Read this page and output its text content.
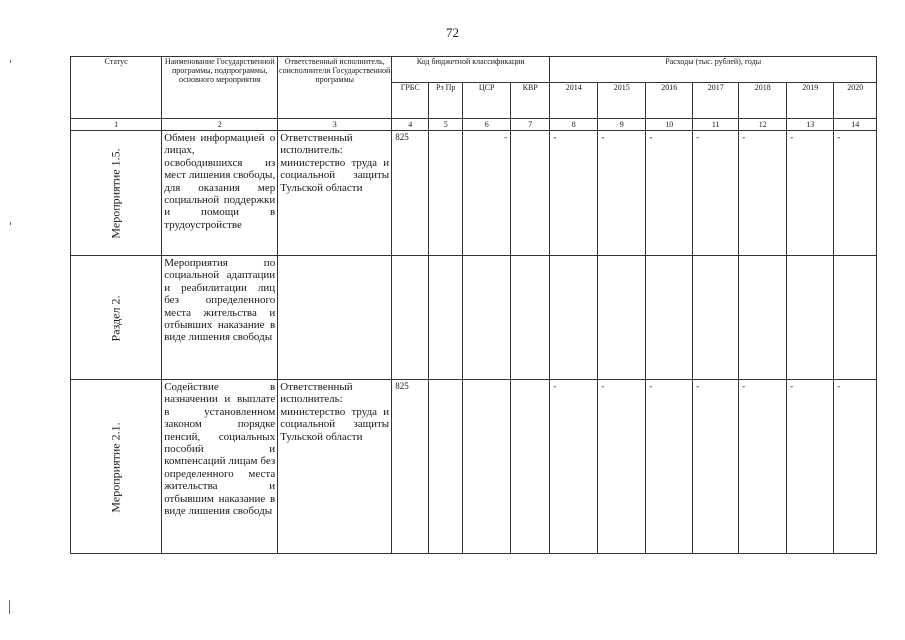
72
Статус	Наименование Государственной программы, подпрограммы, основного мероприятия	Ответственный исполнитель, соисполнители Государственной программы	Код бюджетной классификации				Расходы (тыс. рублей), годы						
			ГРБС	Рз Пр	ЦСР	КВР	2014	2015	2016	2017	2018	2019	2020
1	2	3	4	5	6	7	8	9	10	11	12	13	14
Мероприятие 1.5.	Обмен информацией о лицах, освободившихся из мест лишения свободы, для оказания мер социальной поддержки и помощи в трудоустройстве	Ответственный исполнитель: министерство труда и социальной защиты Тульской области	825		-		-	-	-	-	-	-	-
Раздел 2.	Мероприятия по социальной адаптации и реабилитации лиц без определенного места жительства и отбывших наказание в виде лишения свободы												
Мероприятие 2.1.	Содействие в назначении и выплате в установленном законом порядке пенсий, социальных пособий и компенсаций лицам без определенного места жительства и отбывшим наказание в виде лишения свободы	Ответственный исполнитель: министерство труда и социальной защиты Тульской области	825				-	-	-	-	-	-	-
